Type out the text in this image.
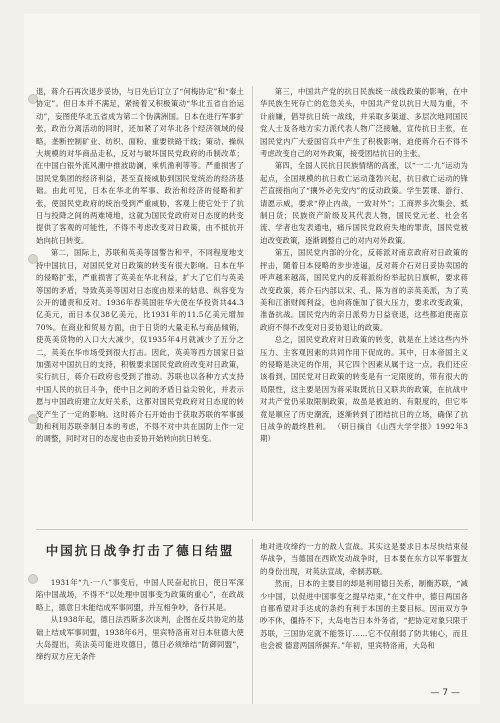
退，蒋介石再次退步妥协，与日先后订立了“何梅协定”和“秦土协定”。但日本并不满足，紧接着又积极策动“华北五省自治运动”，妄图使华北五省成为第二个伪满洲国。日本在进行军事扩张，政治分离活动的同时，还加紧了对华北各个经济领域的侵略，垄断控制矿业、纺织、面粉、重要铁路干线；策动、操纵大规模的对华商品走私，反对与破坏国民党政府的币制改革；在中国白银外流风潮中推波助澜，乘机渔利等等。严重损害了国民党集团的经济利益，甚至直接威胁到国民党统治的经济基础。由此可见，日本在华北的军事、政治和经济的侵略和扩张，使国民党政府的统治受到严重威胁，客观上使它处于了抗日与投降之间的两难境地，这就为国民党政府对日态度的转变提供了客观的可能性，不得不考虑改变对日政策，由不抵抗开始向抗日转变。

第二，国际上，苏联和英美等国警告和平，不同程度地支持中国抗日，对国民党对日政策的转变有很大影响。日本在华的侵略扩张，严重损害了英美在华北利益，扩大了它们与英美等国的矛盾，导致英美等国对日态度由原来的姑息、纵容变为公开的谴责和反对。1936年春英国驻华大使在华投资共44.3亿美元，而日本仅38亿美元，比1931年的11.5亿美元增加70%。在商业和贸易方面，由于日货的大量走私与商品倾销，使英美货物的入口大大减少，仅1935年4月就减少了五分之二，英美在华市场受到很大打击。因此，英美等西方国家日益加强对中国抗日的支持，积极要求国民党政府改变对日政策，实行抗日，蒋介石政府也受到了推动。苏联也以各种方式支持中国人民的抗日斗争，使中日之间的矛盾日益尖锐化，并表示愿与中国政府建立友好关系，这都对国民党政府对日态度的转变产生了一定的影响。这时蒋介石开始由于获取苏联的军事援助和利用苏联牵制日本的考虑，不得不对中共在国防上作一定的调整，同时对日的态度也由妥协开始转向抗日转变。

第三，中国共产党的抗日民族统一战线政策的影响，在中华民族生死存亡的危急关头，中国共产党以抗日大局为重，不计前嫌，倡导抗日统一战线，并采取多渠道、多层次地同国民党人士及各地方实力派代表人物广泛接触，宣传抗日主张，在国民党内广大爱国官兵中产生了积极影响，迫使蒋介石不得不考虑改变自己的对外政策，接受团结抗日的主张。

第四，全国人民抗日民族情绪的高涨，以“一二·九”运动为起点，全国规模的抗日救亡运动蓬勃兴起，抗日救亡运动的锋芒直接指向了“攘外必先安内”的反动政策。学生罢课、游行、请愿示威，要求“停止内战，一致对外”；工商界多次集会、抵制日货；民族资产阶级及其代表人物，国民党元老、社会名流、学者也发表通电，痛斥国民党政府失地的罪责，国民党被迫改变政策，逐渐调整自己的对内对外政策。

第五，国民党内部的分化，反蒋派对南京政府对日政策的抨击，随着日本侵略的步步进逼，反对蒋介石对日妥协卖国的呼声越来越高，国民党内的反蒋派纷纷举起抗日旗帜，要求蒋改变政策，蒋介石内部以宋、孔、陈为首的亲英美派，为了英美和江浙财阀利益，也向蒋施加了很大压力，要求改变政策，准备抗战。国民党内的亲日派势力日益衰退，这些都迫使南京政府不得不改变对日妥协退让的政策。

总之，国民党政府对日政策的转变，就是在上述这些内外压力、主客观因素的共同作用下促成的。其中，日本帝国主义的侵略是决定的作用，其它四个因素从属于这一点。我们还应该看到，国民党对日政策的转变是有一定限度的，带有很大的局限性，这主要是因为蒋采取既抗日又联共的政策，在抗战中对共产党仍采取限制政策，故虽是被迫的、有限度的，但它毕竟是顺应了历史潮流，逐渐转到了团结抗日的立场，确保了抗日战争的最终胜利。 （研日摘自《山西大学学报》1992年3期）

中国抗日战争打击了德日结盟

1931年“九·一八”事变后，中国人民奋起抗日，使日军深陷中国战场，不得不“以处理中国事变为政策的重心”，在政战略上，德意日未能结成军事同盟，并互相争吵，各行其是。

从1938年起，德日法西斯多次谈判，企图在反共协定的基础上结成军事同盟，1938年6月，里宾特洛甫对日本驻德大使大岛提出，英法美可能进攻德日，德日必须缔结“防御同盟”，缔约双方应无条件

地对进攻缔约一方的敌人宣战。其实这是要求日本尽快结束侵华战争，当德国在西欧发动战争时，日本要在东方以军事盟友的身份出现，对英法宣战，牵制苏联。

然而，日本的主要目的却是利用德日关系，制衡苏联，“减少中国，以促进中国事变之提早结束，”在文件中，德日两国各自都希望对手达成的条约有利于本国的主要目标。因而双方争吵不休，僵持不下，大岛电告日本外务省，“把协定对象只限于苏联，三国协定就不能签订……它不仅削弱了防共轴心，而且也会被 德意两国所摒弃。”年初，里宾特洛甫，大岛和

— 7 —
